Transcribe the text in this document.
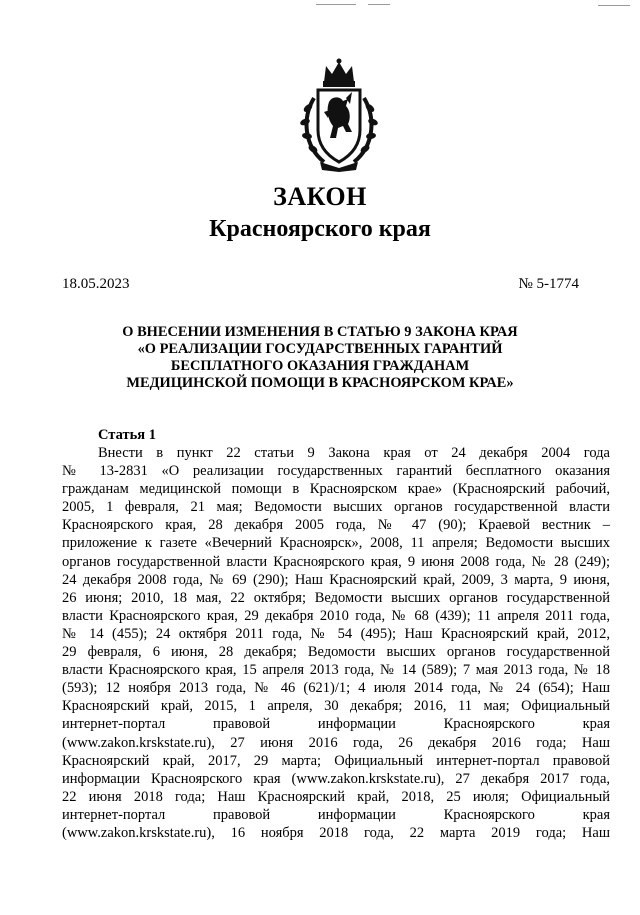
ЗАКОН
Красноярского края
18.05.2023	№ 5-1774
О ВНЕСЕНИИ ИЗМЕНЕНИЯ В СТАТЬЮ 9 ЗАКОНА КРАЯ
«О РЕАЛИЗАЦИИ ГОСУДАРСТВЕННЫХ ГАРАНТИЙ
БЕСПЛАТНОГО ОКАЗАНИЯ ГРАЖДАНАМ
МЕДИЦИНСКОЙ ПОМОЩИ В КРАСНОЯРСКОМ КРАЕ»
Статья 1
Внести в пункт 22 статьи 9 Закона края от 24 декабря 2004 года
№ 13-2831 «О реализации государственных гарантий бесплатного оказания
гражданам медицинской помощи в Красноярском крае» (Красноярский рабочий,
2005, 1 февраля, 21 мая; Ведомости высших органов государственной власти
Красноярского края, 28 декабря 2005 года, № 47 (90); Краевой вестник –
приложение к газете «Вечерний Красноярск», 2008, 11 апреля; Ведомости высших
органов государственной власти Красноярского края, 9 июня 2008 года, № 28 (249);
24 декабря 2008 года, № 69 (290); Наш Красноярский край, 2009, 3 марта, 9 июня,
26 июня; 2010, 18 мая, 22 октября; Ведомости высших органов государственной
власти Красноярского края, 29 декабря 2010 года, № 68 (439); 11 апреля 2011 года,
№ 14 (455); 24 октября 2011 года, № 54 (495); Наш Красноярский край, 2012,
29 февраля, 6 июня, 28 декабря; Ведомости высших органов государственной
власти Красноярского края, 15 апреля 2013 года, № 14 (589); 7 мая 2013 года, № 18
(593); 12 ноября 2013 года, № 46 (621)/1; 4 июля 2014 года, № 24 (654); Наш
Красноярский край, 2015, 1 апреля, 30 декабря; 2016, 11 мая; Официальный
интернет-портал правовой информации Красноярского края
(www.zakon.krskstate.ru), 27 июня 2016 года, 26 декабря 2016 года; Наш
Красноярский край, 2017, 29 марта; Официальный интернет-портал правовой
информации Красноярского края (www.zakon.krskstate.ru), 27 декабря 2017 года,
22 июня 2018 года; Наш Красноярский край, 2018, 25 июля; Официальный
интернет-портал правовой информации Красноярского края
(www.zakon.krskstate.ru), 16 ноября 2018 года, 22 марта 2019 года; Наш
